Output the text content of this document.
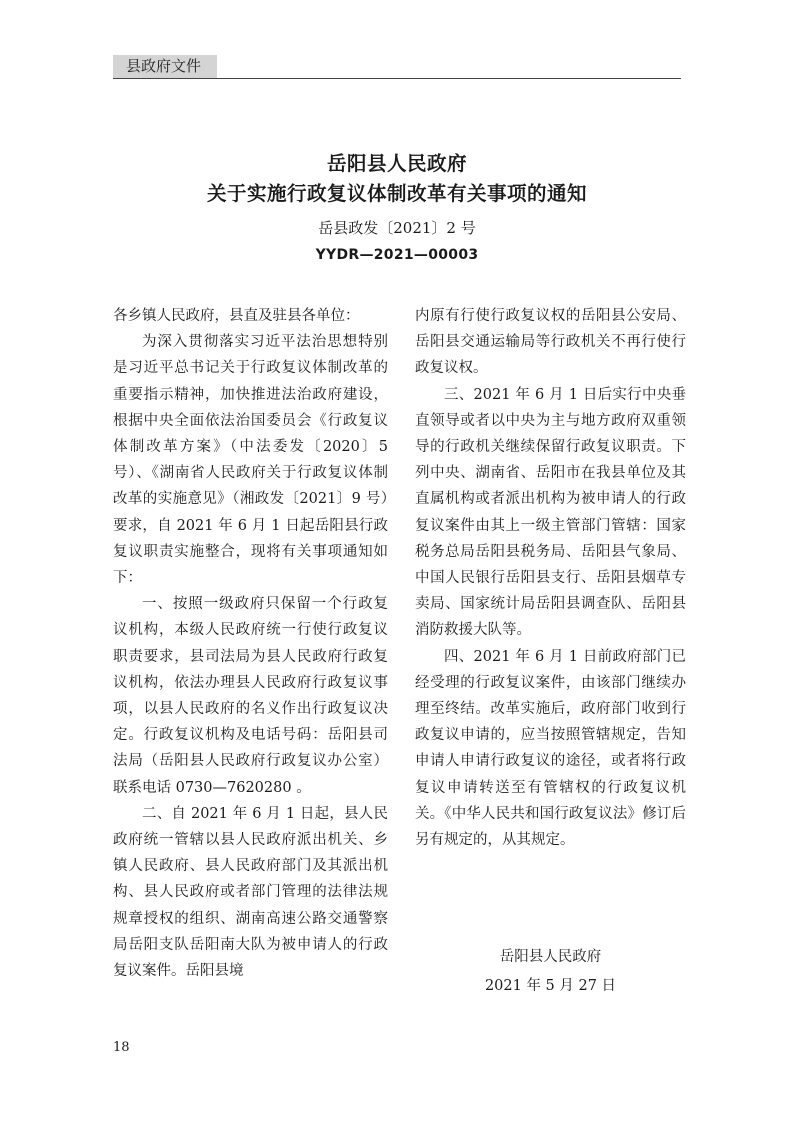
县政府文件
岳阳县人民政府
关于实施行政复议体制改革有关事项的通知
岳县政发〔2021〕2 号
YYDR—2021—00003

各乡镇人民政府，县直及驻县各单位：

为深入贯彻落实习近平法治思想特别是习近平总书记关于行政复议体制改革的重要指示精神，加快推进法治政府建设，根据中央全面依法治国委员会《行政复议体制改革方案》（中法委发〔2020〕5 号）、《湖南省人民政府关于行政复议体制改革的实施意见》（湘政发〔2021〕9 号）要求，自 2021 年 6 月 1 日起岳阳县行政复议职责实施整合，现将有关事项通知如下：

一、按照一级政府只保留一个行政复议机构，本级人民政府统一行使行政复议职责要求，县司法局为县人民政府行政复议机构，依法办理县人民政府行政复议事项，以县人民政府的名义作出行政复议决定。行政复议机构及电话号码：岳阳县司法局（岳阳县人民政府行政复议办公室）联系电话 0730—7620280 。

二、自 2021 年 6 月 1 日起，县人民政府统一管辖以县人民政府派出机关、乡镇人民政府、县人民政府部门及其派出机构、县人民政府或者部门管理的法律法规规章授权的组织、湖南高速公路交通警察局岳阳支队岳阳南大队为被申请人的行政复议案件。岳阳县境

内原有行使行政复议权的岳阳县公安局、岳阳县交通运输局等行政机关不再行使行政复议权。

三、2021 年 6 月 1 日后实行中央垂直领导或者以中央为主与地方政府双重领导的行政机关继续保留行政复议职责。下列中央、湖南省、岳阳市在我县单位及其直属机构或者派出机构为被申请人的行政复议案件由其上一级主管部门管辖：国家税务总局岳阳县税务局、岳阳县气象局、中国人民银行岳阳县支行、岳阳县烟草专卖局、国家统计局岳阳县调查队、岳阳县消防救援大队等。

四、2021 年 6 月 1 日前政府部门已经受理的行政复议案件，由该部门继续办理至终结。改革实施后，政府部门收到行政复议申请的，应当按照管辖规定，告知申请人申请行政复议的途径，或者将行政复议申请转送至有管辖权的行政复议机关。《中华人民共和国行政复议法》修订后另有规定的，从其规定。

岳阳县人民政府
2021 年 5 月 27 日
18
